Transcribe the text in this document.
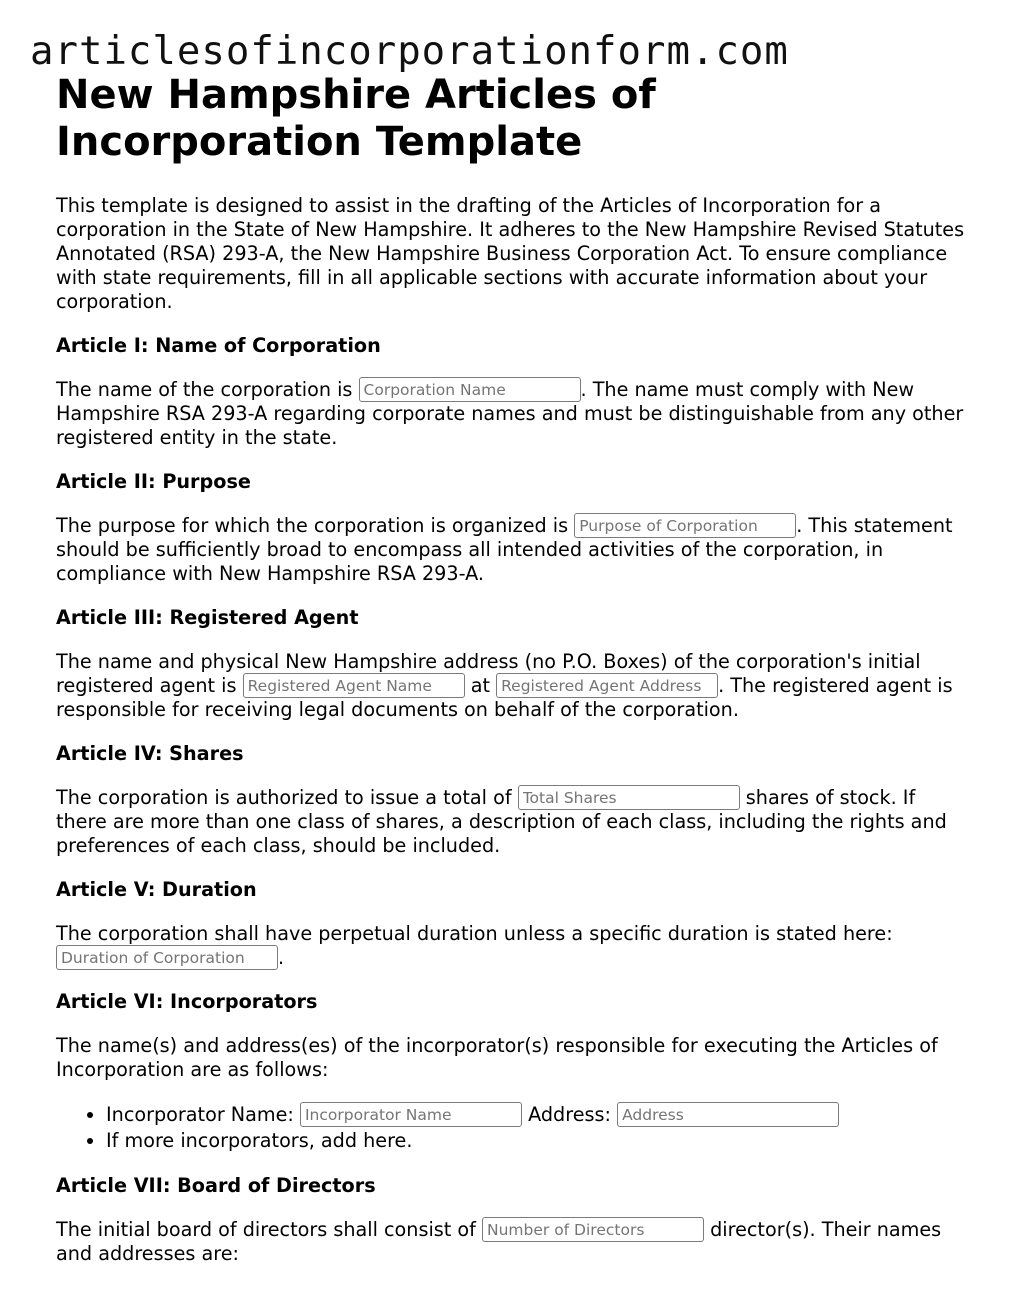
articlesofincorporationform.com
New Hampshire Articles of Incorporation Template

This template is designed to assist in the drafting of the Articles of Incorporation for a corporation in the State of New Hampshire. It adheres to the New Hampshire Revised Statutes Annotated (RSA) 293-A, the New Hampshire Business Corporation Act. To ensure compliance with state requirements, fill in all applicable sections with accurate information about your corporation.

Article I: Name of Corporation

The name of the corporation is Corporation Name	. The name must comply with New Hampshire RSA 293-A regarding corporate names and must be distinguishable from any other registered entity in the state.

Article II: Purpose

The purpose for which the corporation is organized is Purpose of Corporation	. This statement should be sufficiently broad to encompass all intended activities of the corporation, in compliance with New Hampshire RSA 293-A.

Article III: Registered Agent

The name and physical New Hampshire address (no P.O. Boxes) of the corporation's initial registered agent is Registered Agent Name	at Registered Agent Address	. The registered agent is responsible for receiving legal documents on behalf of the corporation.

Article IV: Shares

The corporation is authorized to issue a total of Total Shares	shares of stock. If there are more than one class of shares, a description of each class, including the rights and preferences of each class, should be included.

Article V: Duration

The corporation shall have perpetual duration unless a specific duration is stated here: Duration of Corporation.

Article VI: Incorporators

The name(s) and address(es) of the incorporator(s) responsible for executing the Articles of Incorporation are as follows:

• Incorporator Name: Incorporator Name	Address: Address
• If more incorporators, add here.
Article VII: Board of Directors

The initial board of directors shall consist of Number of Directors	director(s). Their names and addresses are:
